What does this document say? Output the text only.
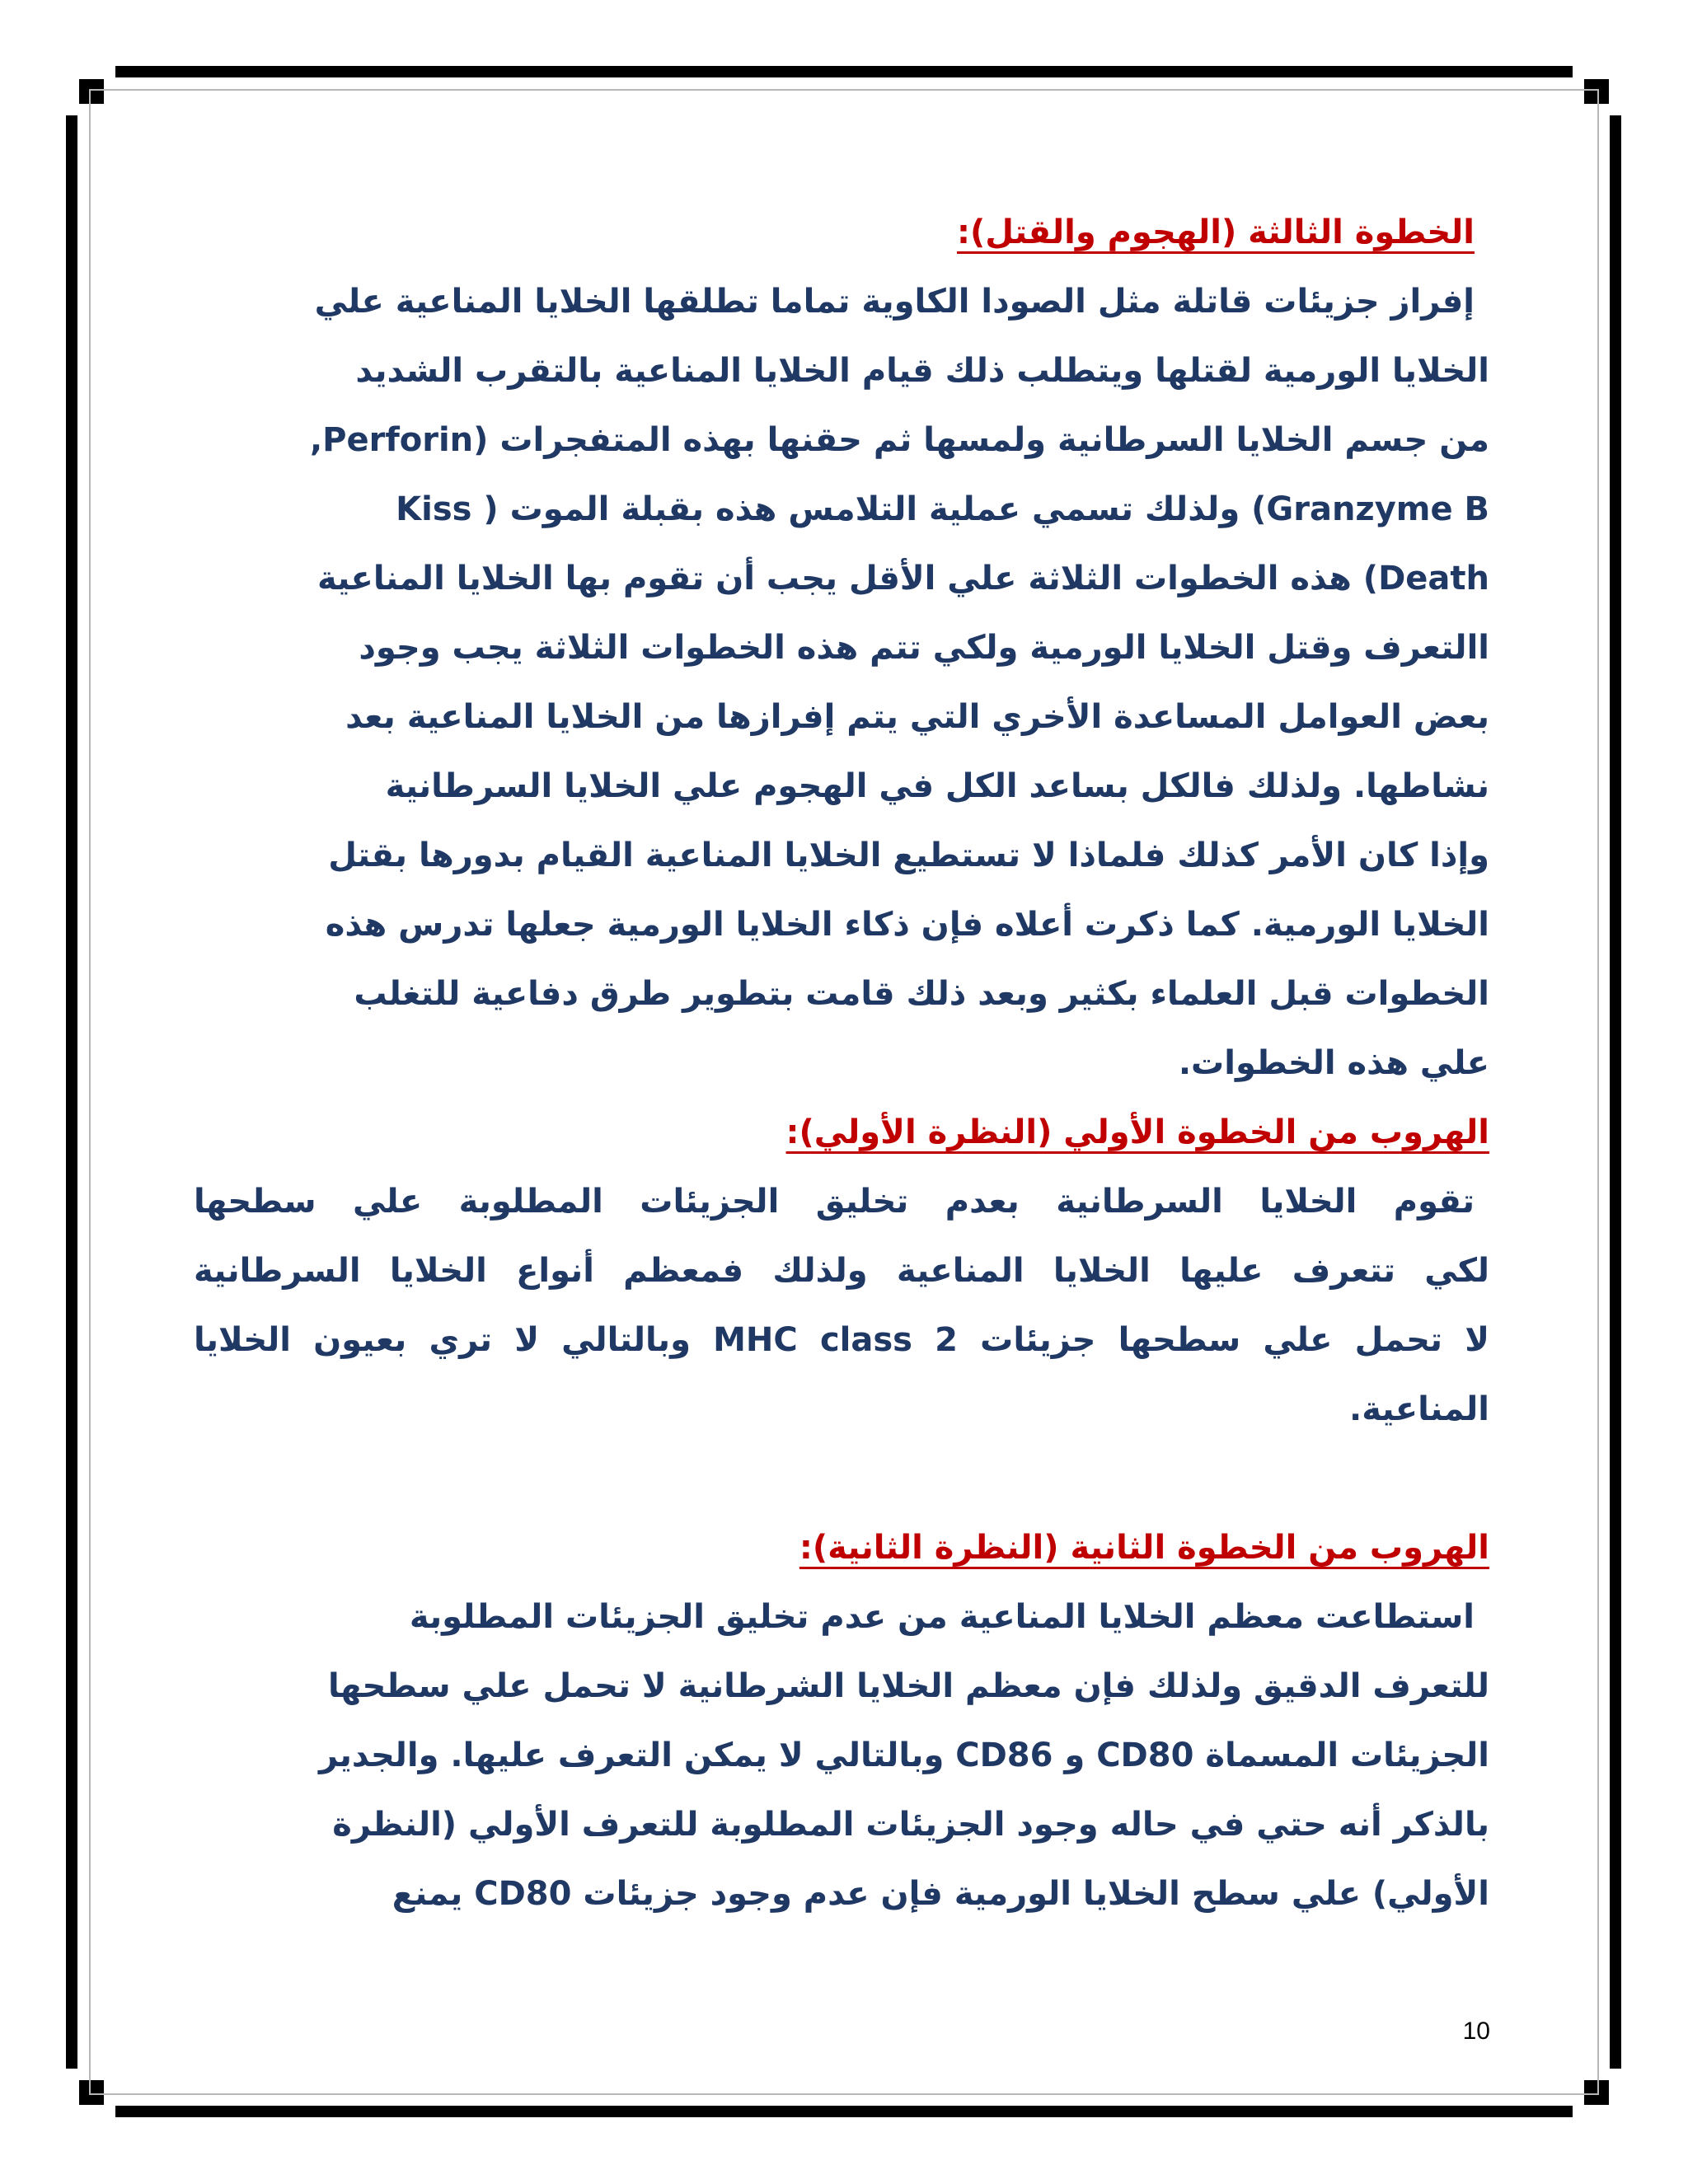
الخطوة الثالثة (الهجوم والقتل):

إفراز جزيئات قاتلة مثل الصودا الكاوية تماما تطلقها الخلايا المناعية علي
الخلايا الورمية لقتلها ويتطلب ذلك قيام الخلايا المناعية بالتقرب الشديد
من جسم الخلايا السرطانية ولمسها ثم حقنها بهذه المتفجرات (Perforin,
Granzyme B) ولذلك تسمي عملية التلامس هذه بقبلة الموت ( Kiss
Death) هذه الخطوات الثلاثة علي الأقل يجب أن تقوم بها الخلايا المناعية
االتعرف وقتل الخلايا الورمية ولكي تتم هذه الخطوات الثلاثة يجب وجود
بعض العوامل المساعدة الأخري التي يتم إفرازها من الخلايا المناعية بعد
نشاطها. ولذلك فالكل بساعد الكل في الهجوم علي الخلايا السرطانية
وإذا كان الأمر كذلك فلماذا لا تستطيع الخلايا المناعية القيام بدورها بقتل
الخلايا الورمية. كما ذكرت أعلاه فإن ذكاء الخلايا الورمية جعلها تدرس هذه
الخطوات قبل العلماء بكثير وبعد ذلك قامت بتطوير طرق دفاعية للتغلب
علي هذه الخطوات.

الهروب من الخطوة الأولي (النظرة الأولي):

تقوم الخلايا السرطانية بعدم تخليق الجزيئات المطلوبة علي سطحها
لكي تتعرف عليها الخلايا المناعية ولذلك فمعظم أنواع الخلايا السرطانية
لا تحمل علي سطحها جزيئات MHC class 2 وبالتالي لا تري بعيون الخلايا
المناعية.

الهروب من الخطوة الثانية (النظرة الثانية):

استطاعت معظم الخلايا المناعية من عدم تخليق الجزيئات المطلوبة
للتعرف الدقيق ولذلك فإن معظم الخلايا الشرطانية لا تحمل علي سطحها
الجزيئات المسماة CD80 و CD86 وبالتالي لا يمكن التعرف عليها. والجدير
بالذكر أنه حتي في حاله وجود الجزيئات المطلوبة للتعرف الأولي (النظرة
الأولي) علي سطح الخلايا الورمية فإن عدم وجود جزيئات CD80 يمنع
10
